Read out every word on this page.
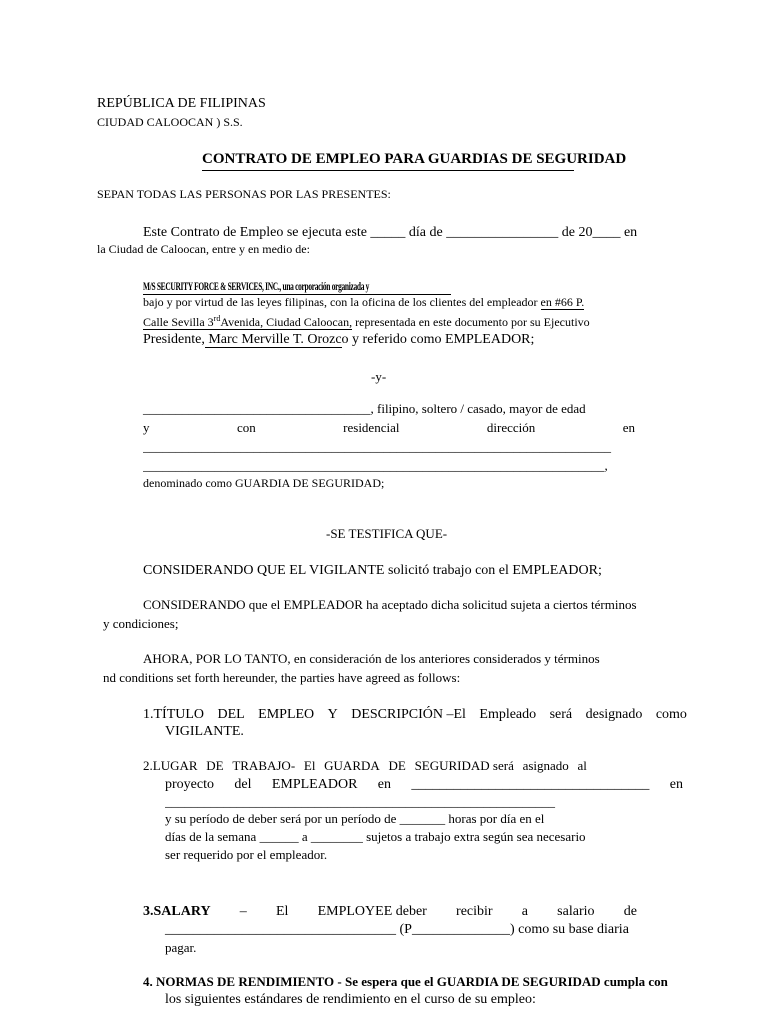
REPÚBLICA DE FILIPINAS
CIUDAD CALOOCAN ) S.S.
CONTRATO DE EMPLEO PARA GUARDIAS DE SEGURIDAD
SEPAN TODAS LAS PERSONAS POR LAS PRESENTES:
Este Contrato de Empleo se ejecuta este _____ día de ________________ de 20____ en
la Ciudad de Caloocan, entre y en medio de:
M/S SECURITY FORCE & SERVICES, INC., una corporación organizada y
bajo y por virtud de las leyes filipinas, con la oficina de los clientes del empleador en #66 P.
Calle Sevilla 3rdAvenida, Ciudad Caloocan, representada en este documento por su Ejecutivo
Presidente, Marc Merville T. Orozco y referido como EMPLEADOR;
-y-
___________________________________, filipino, soltero / casado, mayor de edad
y	con	residencial	dirección	en
________________________________________________________________________
_______________________________________________________________________,
denominado como GUARDIA DE SEGURIDAD;
-SE TESTIFICA QUE-
CONSIDERANDO QUE EL VIGILANTE solicitó trabajo con el EMPLEADOR;
CONSIDERANDO que el EMPLEADOR ha aceptado dicha solicitud sujeta a ciertos términos
y condiciones;
AHORA, POR LO TANTO, en consideración de los anteriores considerados y términos
nd conditions set forth hereunder, the parties have agreed as follows:
1.TÍTULO DEL EMPLEO Y DESCRIPCIÓN –El Empleado será designado como
VIGILANTE.
2.LUGAR DE TRABAJO- El GUARDA DE SEGURIDAD será asignado al
proyecto del EMPLEADOR en __________________________________ en
____________________________________________________________
y su período de deber será por un período de _______ horas por día en el
días de la semana ______ a ________ sujetos a trabajo extra según sea necesario
ser requerido por el empleador.
3.SALARY – El EMPLOYEE deber recibir a salario de
_________________________________ (P______________) como su base diaria
pagar.
4. NORMAS DE RENDIMIENTO - Se espera que el GUARDIA DE SEGURIDAD cumpla con
los siguientes estándares de rendimiento en el curso de su empleo:
